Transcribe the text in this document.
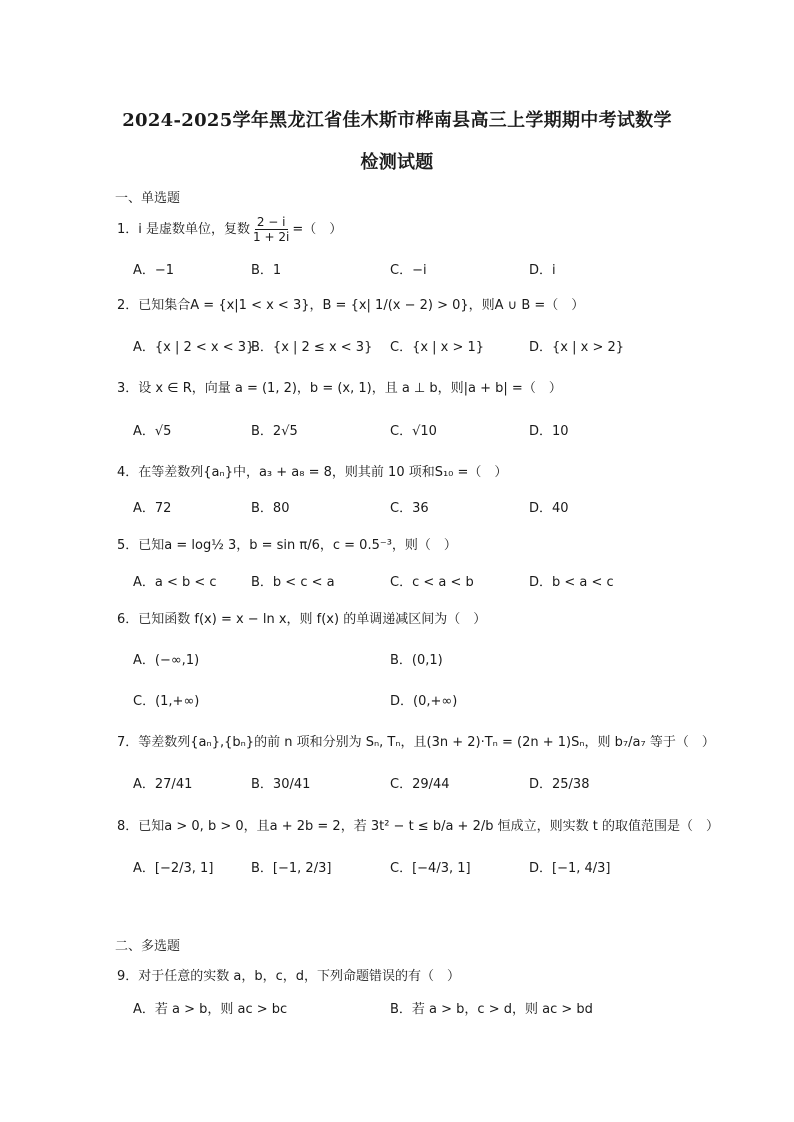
2024-2025学年黑龙江省佳木斯市桦南县高三上学期期中考试数学
检测试题
一、单选题
1．i 是虚数单位，复数 $\frac{2 - i}{1 + 2i}$ =（　）
A．−1	B．1	C．−i	D．i
2．已知集合A = {x|1 < x < 3}，B = {x| 1/(x − 2) > 0}，则A ∪ B =（　）
A．{x | 2 < x < 3}
B．{x | 2 ≤ x < 3} C．{x | x > 1}	D．{x | x > 2}
3．设 x ∈ R，向量 a = (1, 2)，b = (x, 1)，且 a ⊥ b，则|a + b| =（　）
A．√5	B．2√5	C．√10	D．10
4．在等差数列{aₙ}中，a₃ + a₈ = 8，则其前 10 项和S₁₀ =（　）
A．72	B．80	C．36	D．40
5．已知a = log½ 3，b = sin π/6，c = 0.5⁻³，则（　）
A．a < b < c	B．b < c < a	C．c < a < b	D．b < a < c
6．已知函数 f(x) = x − ln x，则 f(x) 的单调递减区间为（　）
A．(−∞,1)	B．(0,1)
C．(1,+∞)	D．(0,+∞)
7．等差数列{aₙ},{bₙ}的前 n 项和分别为 Sₙ, Tₙ，且(3n + 2)·Tₙ = (2n + 1)Sₙ，则 b₇/a₇ 等于（　）
A．27/41	B．30/41	C．29/44	D．25/38
8．已知a > 0, b > 0，且a + 2b = 2，若 3t² − t ≤ b/a + 2/b 恒成立，则实数 t 的取值范围是（　）
A．[−2/3, 1]	B．[−1, 2/3]	C．[−4/3, 1]	D．[−1, 4/3]
二、多选题
9．对于任意的实数 a，b，c，d，下列命题错误的有（　）
A．若 a > b，则 ac > bc	B．若 a > b，c > d，则 ac > bd
